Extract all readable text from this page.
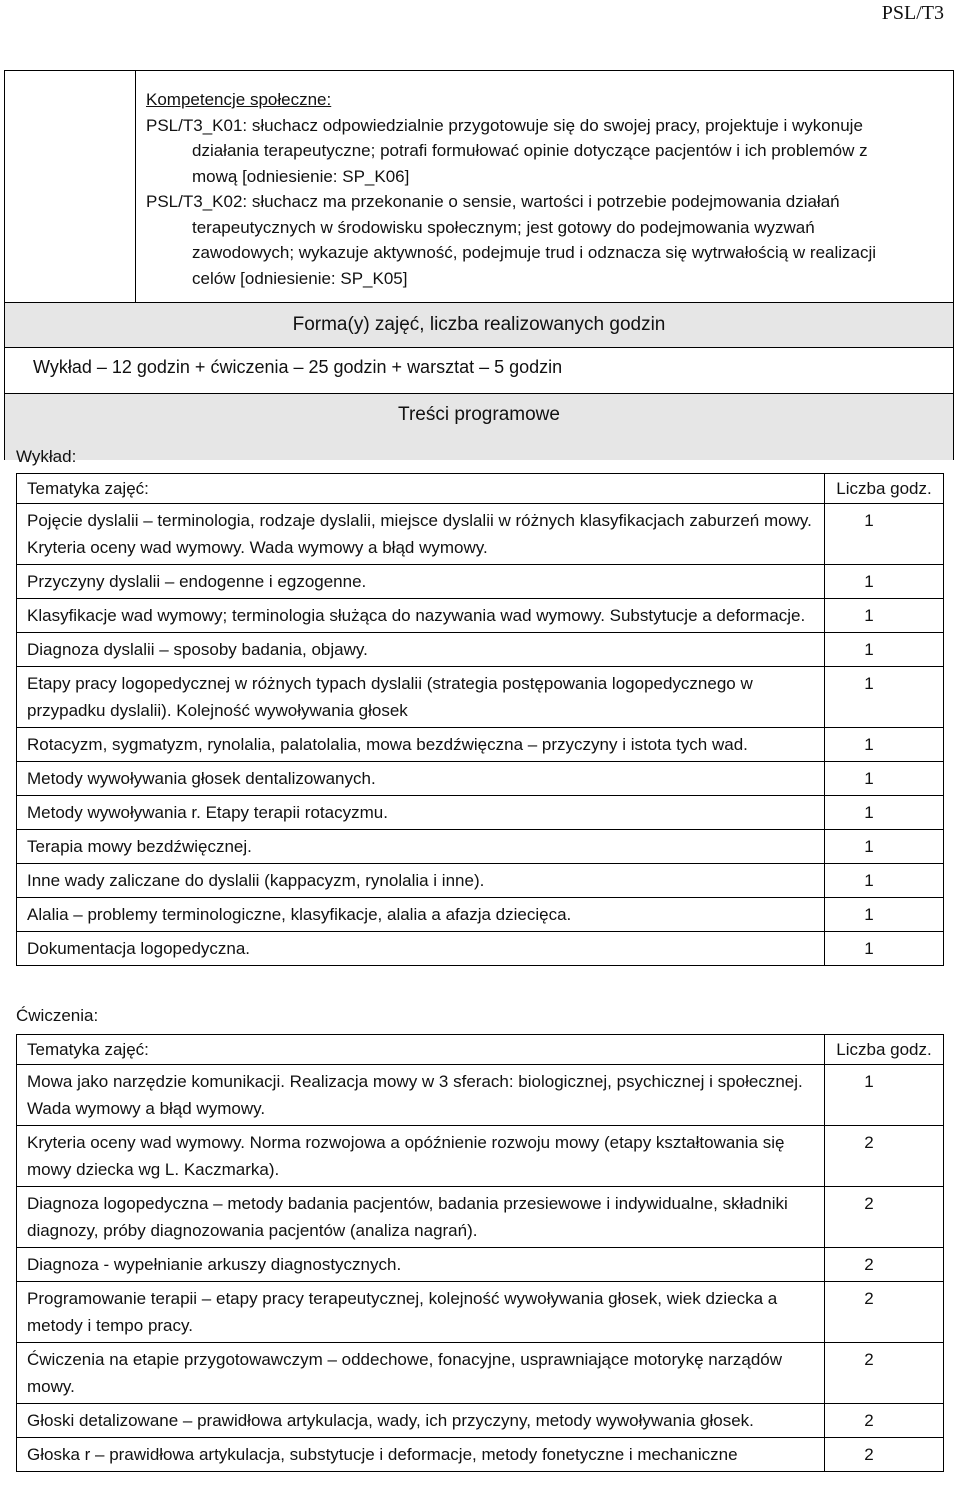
PSL/T3
Kompetencje społeczne:
PSL/T3_K01: słuchacz odpowiedzialnie przygotowuje się do swojej pracy, projektuje i wykonuje
działania terapeutyczne; potrafi formułować opinie dotyczące pacjentów i ich problemów z
mową [odniesienie: SP_K06]
PSL/T3_K02: słuchacz ma przekonanie o sensie, wartości i potrzebie podejmowania działań
terapeutycznych w środowisku społecznym; jest gotowy do podejmowania wyzwań
zawodowych; wykazuje aktywność, podejmuje trud i odznacza się wytrwałością w realizacji
celów [odniesienie: SP_K05]
Forma(y) zajęć, liczba realizowanych godzin
Wykład – 12 godzin + ćwiczenia – 25 godzin + warsztat – 5 godzin
Treści programowe
Wykład:
Tematyka zajęć:	Liczba godz.
Pojęcie dyslalii – terminologia, rodzaje dyslalii, miejsce dyslalii w różnych klasyfikacjach zaburzeń mowy. Kryteria oceny wad wymowy. Wada wymowy a błąd wymowy.	1
Przyczyny dyslalii – endogenne i egzogenne.	1
Klasyfikacje wad wymowy; terminologia służąca do nazywania wad wymowy. Substytucje a deformacje.	1
Diagnoza dyslalii – sposoby badania, objawy.	1
Etapy pracy logopedycznej w różnych typach dyslalii (strategia postępowania logopedycznego w przypadku dyslalii). Kolejność wywoływania głosek	1
Rotacyzm, sygmatyzm, rynolalia, palatolalia, mowa bezdźwięczna – przyczyny i istota tych wad.	1
Metody wywoływania głosek dentalizowanych.	1
Metody wywoływania r. Etapy terapii rotacyzmu.	1
Terapia mowy bezdźwięcznej.	1
Inne wady zaliczane do dyslalii (kappacyzm, rynolalia i inne).	1
Alalia – problemy terminologiczne, klasyfikacje, alalia a afazja dziecięca.	1
Dokumentacja logopedyczna.	1
Ćwiczenia:
Tematyka zajęć:	Liczba godz.
Mowa jako narzędzie komunikacji. Realizacja mowy w 3 sferach: biologicznej, psychicznej i społecznej. Wada wymowy a błąd wymowy.	1
Kryteria oceny wad wymowy. Norma rozwojowa a opóźnienie rozwoju mowy (etapy kształtowania się mowy dziecka wg L. Kaczmarka).	2
Diagnoza logopedyczna – metody badania pacjentów, badania przesiewowe i indywidualne, składniki diagnozy, próby diagnozowania pacjentów (analiza nagrań).	2
Diagnoza - wypełnianie arkuszy diagnostycznych.	2
Programowanie terapii – etapy pracy terapeutycznej, kolejność wywoływania głosek, wiek dziecka a metody i tempo pracy.	2
Ćwiczenia na etapie przygotowawczym – oddechowe, fonacyjne, usprawniające motorykę narządów mowy.	2
Głoski detalizowane – prawidłowa artykulacja, wady, ich przyczyny, metody wywoływania głosek.	2
Głoska r – prawidłowa artykulacja, substytucje i deformacje, metody fonetyczne i mechaniczne	2
